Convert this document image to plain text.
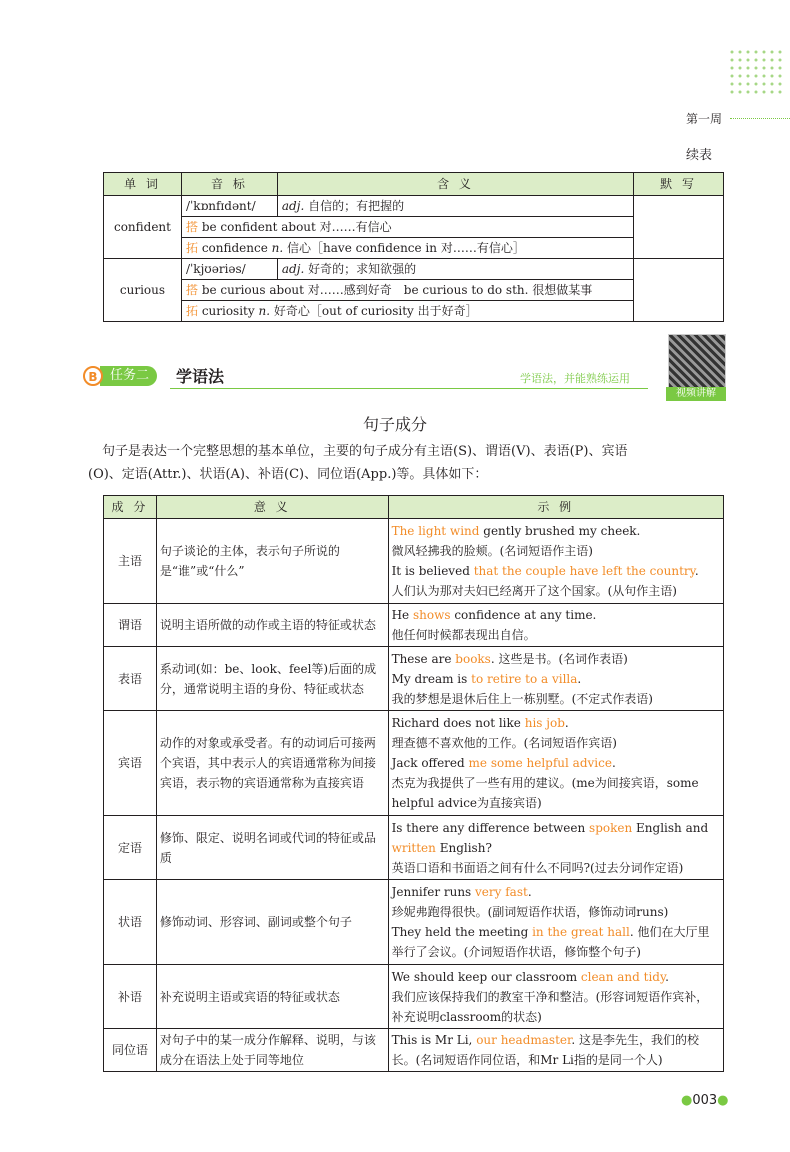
第一周
续表
单 词	音 标	含 义	默 写
confident	/ˈkɒnfɪdənt/	adj. 自信的；有把握的	
	搭 be confident about 对……有信心		
	拓 confidence n. 信心［have confidence in 对……有信心］		
curious	/ˈkjʊəriəs/	adj. 好奇的；求知欲强的	
	搭 be curious about 对……感到好奇　be curious to do sth. 很想做某事		
	拓 curiosity n. 好奇心［out of curiosity 出于好奇］		
任务二
B	学语法	学语法，并能熟练运用
视频讲解
句子成分

句子是表达一个完整思想的基本单位，主要的句子成分有主语(S)、谓语(V)、表语(P)、宾语

(O)、定语(Attr.)、状语(A)、补语(C)、同位语(App.)等。具体如下：

成 分	意 义	示 例
主语	句子谈论的主体，表示句子所说的是“谁”或“什么”	The light wind gently brushed my cheek.
微风轻拂我的脸颊。(名词短语作主语)
It is believed that the couple have left the country.
人们认为那对夫妇已经离开了这个国家。(从句作主语)

谓语	说明主语所做的动作或主语的特征或状态	He shows confidence at any time.
他任何时候都表现出自信。

表语	系动词(如：be、look、feel等)后面的成分，通常说明主语的身份、特征或状态	These are books. 这些是书。(名词作表语)
My dream is to retire to a villa.
我的梦想是退休后住上一栋别墅。(不定式作表语)

宾语	动作的对象或承受者。有的动词后可接两个宾语，其中表示人的宾语通常称为间接宾语，表示物的宾语通常称为直接宾语	Richard does not like his job.
理查德不喜欢他的工作。(名词短语作宾语)
Jack offered me some helpful advice.
杰克为我提供了一些有用的建议。(me为间接宾语，some helpful advice为直接宾语)

定语	修饰、限定、说明名词或代词的特征或品质	Is there any difference between spoken English and written English?
英语口语和书面语之间有什么不同吗?(过去分词作定语)

状语	修饰动词、形容词、副词或整个句子	Jennifer runs very fast.
珍妮弗跑得很快。(副词短语作状语，修饰动词runs)
They held the meeting in the great hall. 他们在大厅里举行了会议。(介词短语作状语，修饰整个句子)

补语	补充说明主语或宾语的特征或状态	We should keep our classroom clean and tidy.
我们应该保持我们的教室干净和整洁。(形容词短语作宾补，补充说明classroom的状态)

同位语	对句子中的某一成分作解释、说明，与该成分在语法上处于同等地位	This is Mr Li, our headmaster. 这是李先生，我们的校长。(名词短语作同位语，和Mr Li指的是同一个人)
●003●
